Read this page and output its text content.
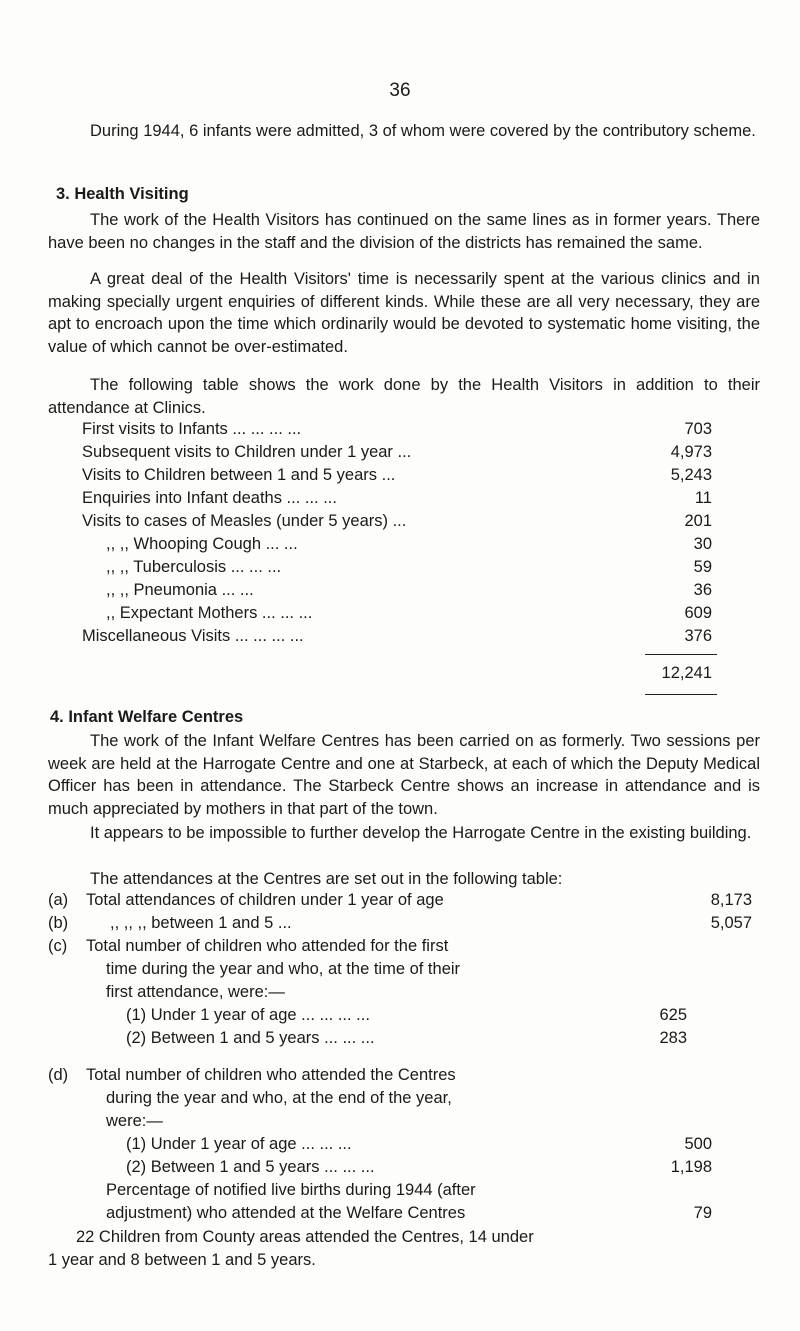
36

During 1944, 6 infants were admitted, 3 of whom were covered by the contributory scheme.

3. Health Visiting

The work of the Health Visitors has continued on the same lines as in former years. There have been no changes in the staff and the division of the districts has remained the same.

A great deal of the Health Visitors' time is necessarily spent at the various clinics and in making specially urgent enquiries of different kinds. While these are all very necessary, they are apt to encroach upon the time which ordinarily would be devoted to systematic home visiting, the value of which cannot be over-estimated.

The following table shows the work done by the Health Visitors in addition to their attendance at Clinics.

First visits to Infants ... ... ... ...	703
Subsequent visits to Children under 1 year ...	4,973
Visits to Children between 1 and 5 years ...	5,243
Enquiries into Infant deaths ... ... ...	11
Visits to cases of Measles (under 5 years) ...	201
,, ,, Whooping Cough ... ...	30
,, ,, Tuberculosis ... ... ...	59
,, ,, Pneumonia ... ...	36
,, Expectant Mothers ... ... ...	609
Miscellaneous Visits ... ... ... ...	376
12,241
4. Infant Welfare Centres

The work of the Infant Welfare Centres has been carried on as formerly. Two sessions per week are held at the Harrogate Centre and one at Starbeck, at each of which the Deputy Medical Officer has been in attendance. The Starbeck Centre shows an increase in attendance and is much appreciated by mothers in that part of the town.

It appears to be impossible to further develop the Harrogate Centre in the existing building.

The attendances at the Centres are set out in the following table:

(a) Total attendances of children under 1 year of age	8,173
(b)	,, ,, ,, between 1 and 5 ...	5,057
(c) Total number of children who attended for the first
time during the year and who, at the time of their
first attendance, were:—
(1) Under 1 year of age ... ... ... ...	625
(2) Between 1 and 5 years ... ... ...	283
(d) Total number of children who attended the Centres
during the year and who, at the end of the year,
were:—
(1) Under 1 year of age ... ... ...	500
(2) Between 1 and 5 years ... ... ...	1,198
Percentage of notified live births during 1944 (after
adjustment) who attended at the Welfare Centres	79
22 Children from County areas attended the Centres, 14 under
1 year and 8 between 1 and 5 years.
